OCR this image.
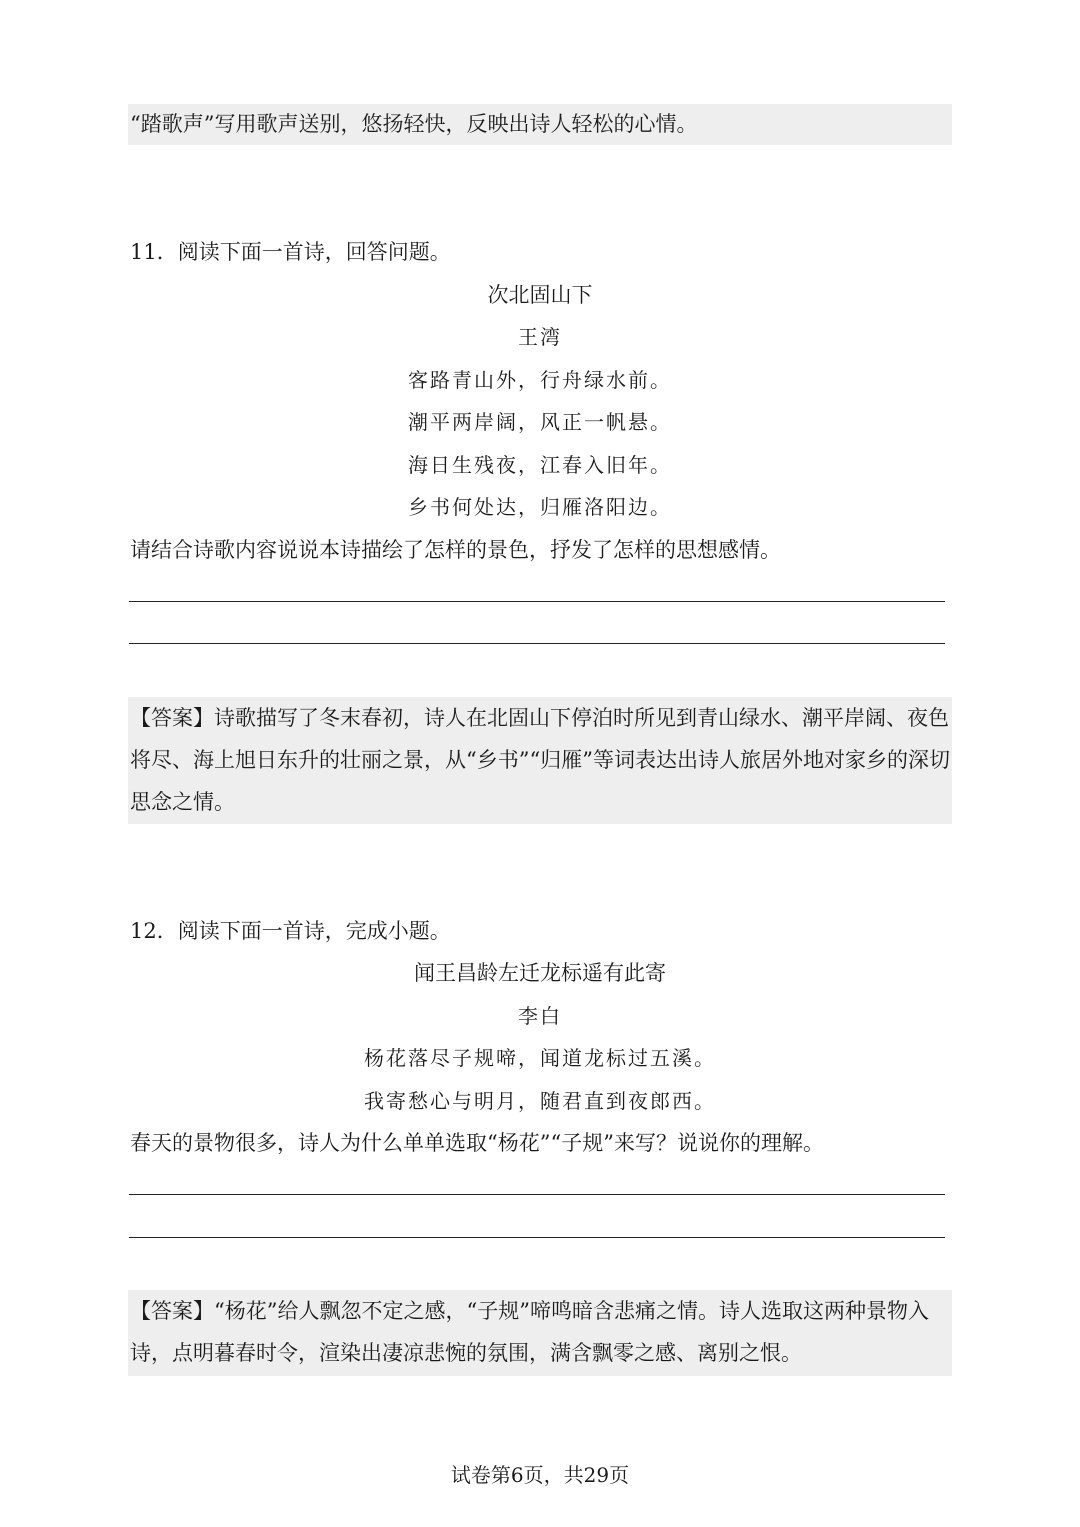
“踏歌声”写用歌声送别，悠扬轻快，反映出诗人轻松的心情。
11．阅读下面一首诗，回答问题。
次北固山下
王湾
客路青山外，行舟绿水前。
潮平两岸阔，风正一帆悬。
海日生残夜，江春入旧年。
乡书何处达，归雁洛阳边。
请结合诗歌内容说说本诗描绘了怎样的景色，抒发了怎样的思想感情。
【答案】诗歌描写了冬末春初，诗人在北固山下停泊时所见到青山绿水、潮平岸阔、夜色将尽、海上旭日东升的壮丽之景，从“乡书”“归雁”等词表达出诗人旅居外地对家乡的深切思念之情。
12．阅读下面一首诗，完成小题。
闻王昌龄左迁龙标遥有此寄
李白
杨花落尽子规啼，闻道龙标过五溪。
我寄愁心与明月，随君直到夜郎西。
春天的景物很多，诗人为什么单单选取“杨花”“子规”来写？说说你的理解。
【答案】“杨花”给人飘忽不定之感，“子规”啼鸣暗含悲痛之情。诗人选取这两种景物入诗，点明暮春时令，渲染出凄凉悲惋的氛围，满含飘零之感、离别之恨。
试卷第6页，共29页
